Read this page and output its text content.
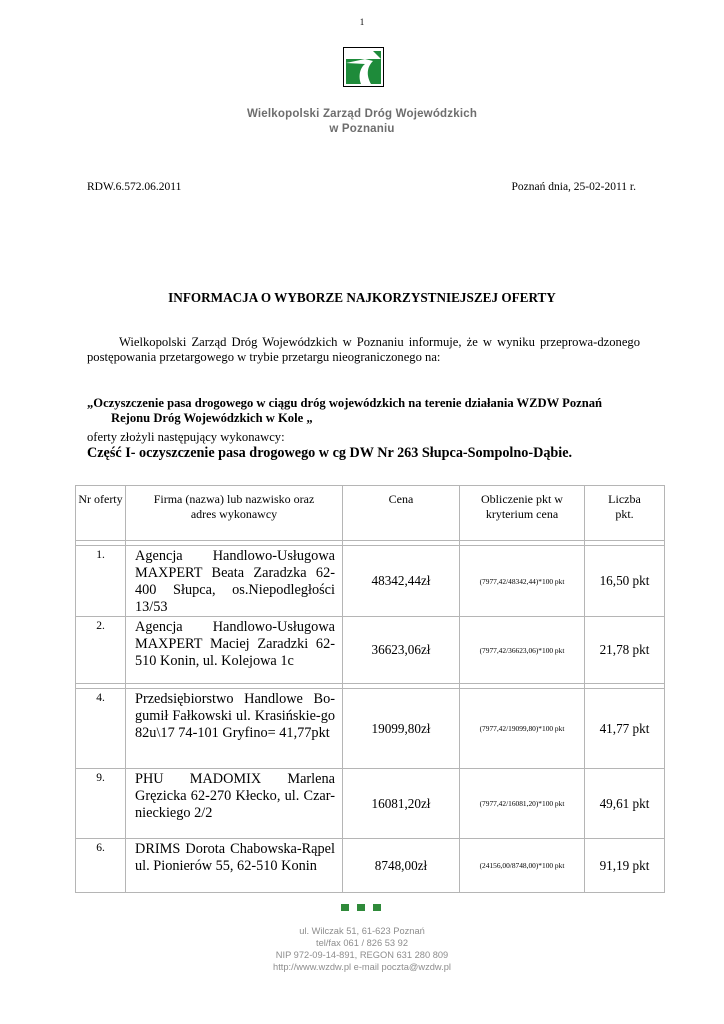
1
Wielkopolski Zarząd Dróg Wojewódzkich
w Poznaniu
RDW.6.572.06.2011	Poznań dnia, 25-02-2011 r.
INFORMACJA O WYBORZE NAJKORZYSTNIEJSZEJ OFERTY
Wielkopolski Zarząd Dróg Wojewódzkich w Poznaniu informuje, że w wyniku przeprowa-dzonego postępowania przetargowego w trybie przetargu nieograniczonego na:
„Oczyszczenie pasa drogowego w ciągu dróg wojewódzkich na terenie działania WZDW Poznań
Rejonu Dróg Wojewódzkich w Kole „
oferty złożyli następujący wykonawcy:
Część I- oczyszczenie pasa drogowego w cg DW Nr 263 Słupca-Sompolno-Dąbie.
Nr oferty	Firma (nazwa) lub nazwisko oraz adres wykonawcy	Cena	Obliczenie pkt w kryterium cena	Liczba pkt.

1.	Agencja Handlowo-Usługowa MAXPERT Beata Zaradzka 62-400 Słupca, os.Niepodległości 13/53	48342,44zł	(7977,42/48342,44)*100 pkt	16,50 pkt
2.	Agencja Handlowo-Usługowa MAXPERT Maciej Zaradzki 62-510 Konin, ul. Kolejowa 1c	36623,06zł	(7977,42/36623,06)*100 pkt	21,78 pkt

4.	Przedsiębiorstwo Handlowe Bo-gumił Fałkowski ul. Krasińskie-go 82u\17 74-101 Gryfino= 41,77pkt	19099,80zł	(7977,42/19099,80)*100 pkt	41,77 pkt
9.	PHU MADOMIX Marlena Gręzicka 62-270 Kłecko, ul. Czar-nieckiego 2/2	16081,20zł	(7977,42/16081,20)*100 pkt	49,61 pkt
6.	DRIMS Dorota Chabowska-Rąpel ul. Pionierów 55, 62-510 Konin	8748,00zł	(24156,00/8748,00)*100 pkt	91,19 pkt
ul. Wilczak 51, 61-623 Poznań
tel/fax 061 / 826 53 92
NIP 972-09-14-891, REGON 631 280 809
http://www.wzdw.pl e-mail poczta@wzdw.pl
